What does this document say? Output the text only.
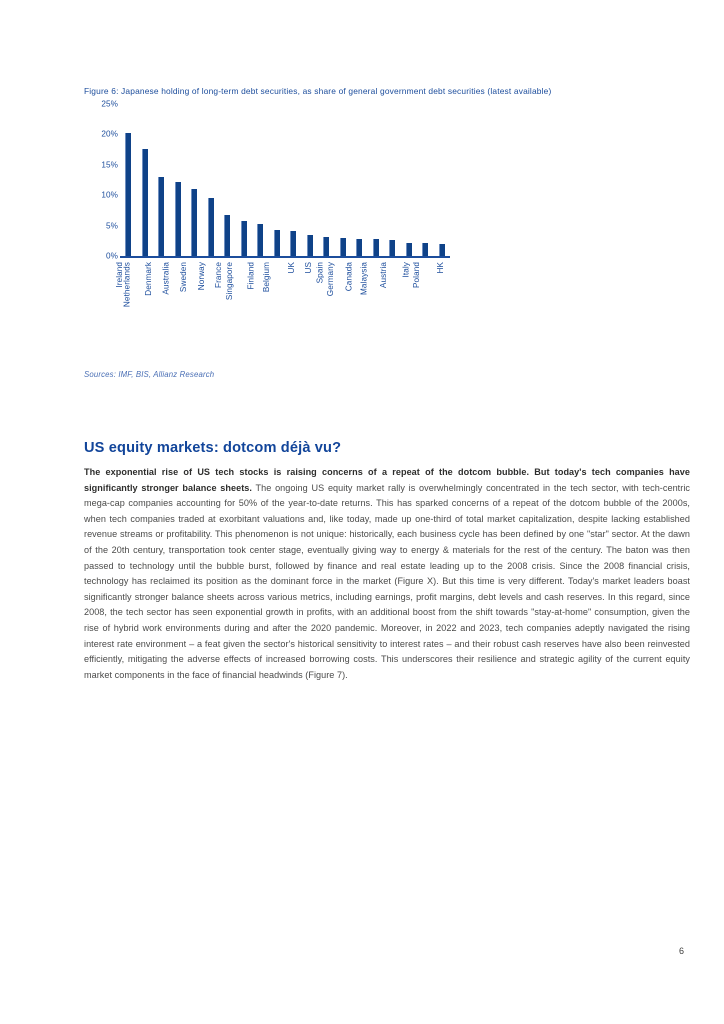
Figure 6: Japanese holding of long-term debt securities, as share of general government debt securities (latest available)

25%
20%
15%
10%
5%
0%
Ireland
Netherlands Denmark Australia Sweden Norway France Singapore Finland Belgium UK US Spain Germany Canada Malaysia Austria Italy Poland HK
Sources: IMF, BIS, Allianz Research
US equity markets: dotcom déjà vu?

The exponential rise of US tech stocks is raising concerns of a repeat of the dotcom bubble. But today's tech companies have significantly stronger balance sheets. The ongoing US equity market rally is overwhelmingly concentrated in the tech sector, with tech-centric mega-cap companies accounting for 50% of the year-to-date returns. This has sparked concerns of a repeat of the dotcom bubble of the 2000s, when tech companies traded at exorbitant valuations and, like today, made up one-third of total market capitalization, despite lacking established revenue streams or profitability. This phenomenon is not unique: historically, each business cycle has been defined by one "star" sector. At the dawn of the 20th century, transportation took center stage, eventually giving way to energy & materials for the rest of the century. The baton was then passed to technology until the bubble burst, followed by finance and real estate leading up to the 2008 crisis. Since the 2008 financial crisis, technology has reclaimed its position as the dominant force in the market (Figure X). But this time is very different. Today's market leaders boast significantly stronger balance sheets across various metrics, including earnings, profit margins, debt levels and cash reserves. In this regard, since 2008, the tech sector has seen exponential growth in profits, with an additional boost from the shift towards "stay-at-home" consumption, given the rise of hybrid work environments during and after the 2020 pandemic. Moreover, in 2022 and 2023, tech companies adeptly navigated the rising interest rate environment – a feat given the sector's historical sensitivity to interest rates – and their robust cash reserves have also been reinvested efficiently, mitigating the adverse effects of increased borrowing costs. This underscores their resilience and strategic agility of the current equity market components in the face of financial headwinds (Figure 7).

6
